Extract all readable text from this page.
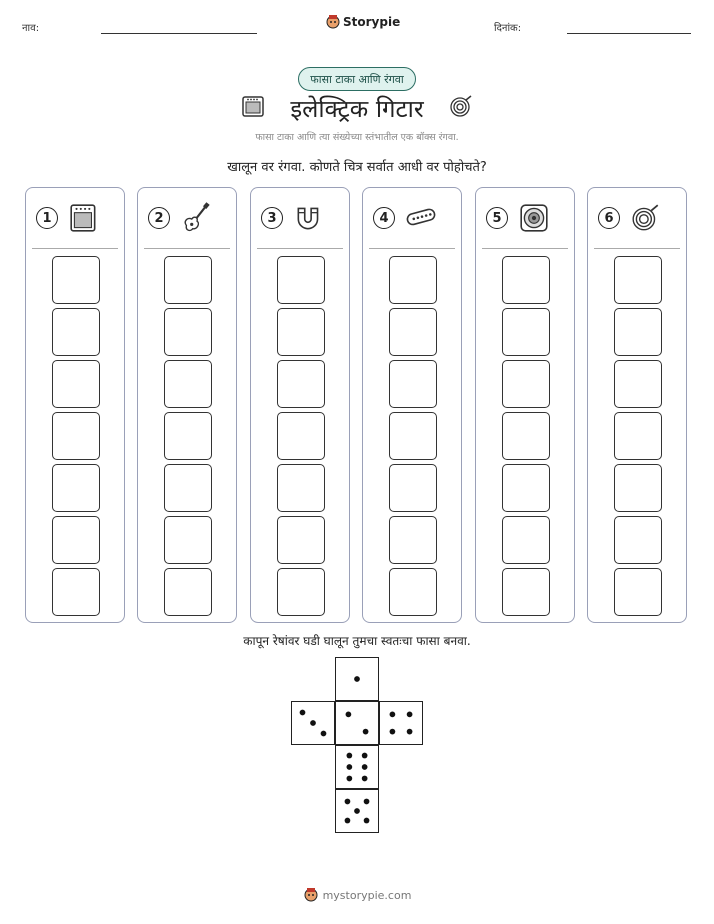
नाव:	Storypie	दिनांक:
फासा टाका आणि रंगवा
इलेक्ट्रिक गिटार
फासा टाका आणि त्या संख्येच्या स्तंभातील एक बॉक्स रंगवा.
खालून वर रंगवा. कोणते चित्र सर्वात आधी वर पोहोचते?
1	2	3	4	5	6
कापून रेषांवर घडी घालून तुमचा स्वतःचा फासा बनवा.
mystorypie.com
